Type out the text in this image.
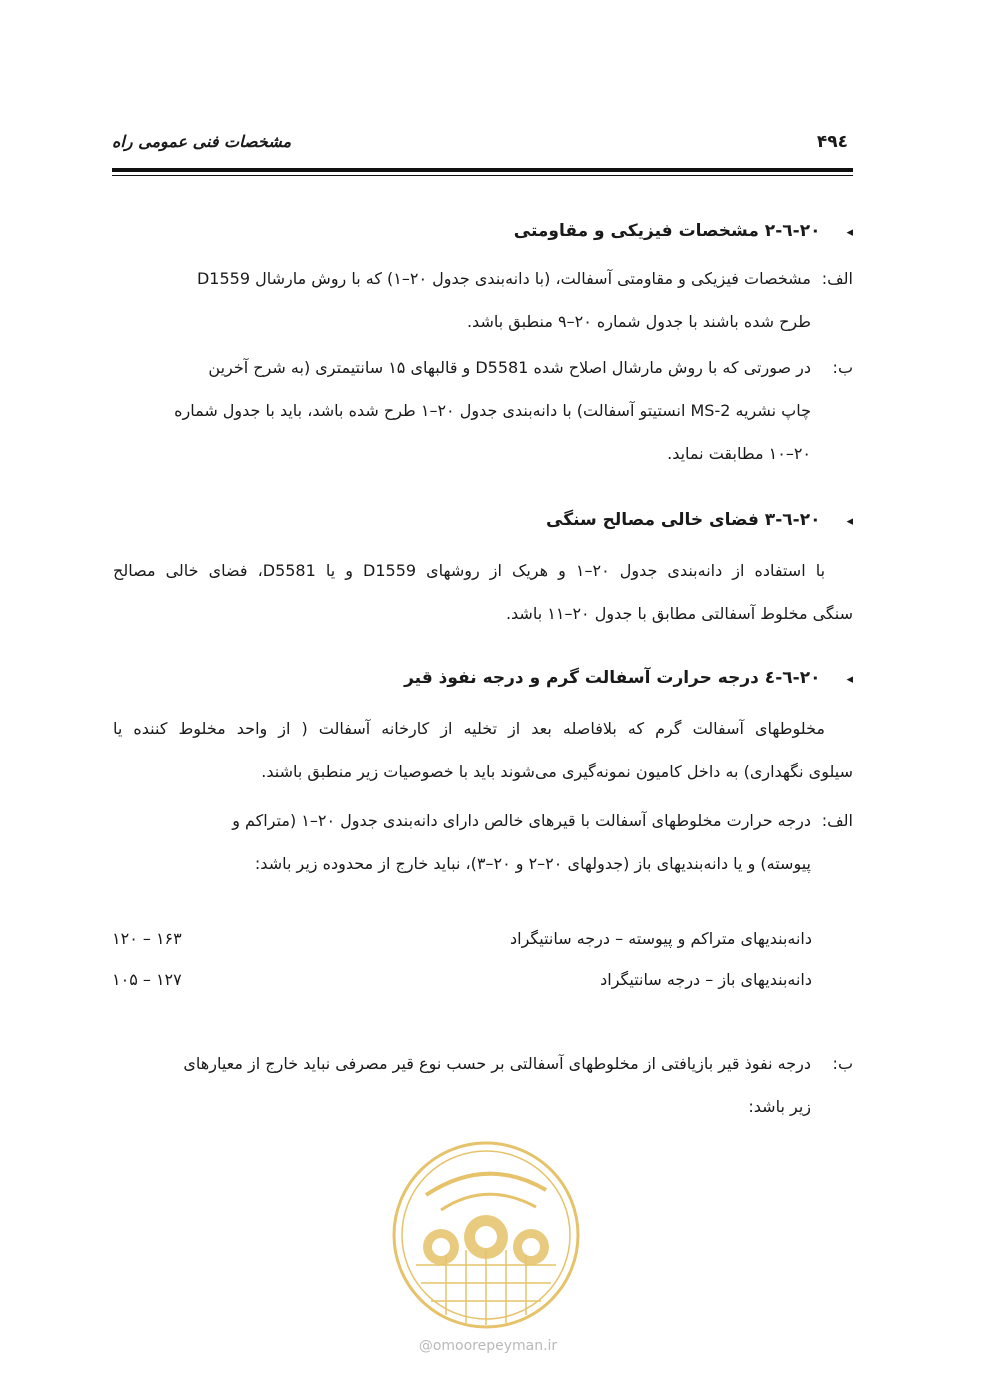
مشخصات فنی عمومی راه	۴۹٤
◂۲۰-٦-۲ مشخصات فیزیکی و مقاومتی
الف:
مشخصات فیزیکی و مقاومتی آسفالت، (با دانه‌بندی جدول ۲۰–۱) که با روش مارشال D1559
طرح شده باشند با جدول شماره ۲۰–۹ منطبق باشد.
ب:
در صورتی که با روش مارشال اصلاح شده D5581 و قالبهای ۱۵ سانتیمتری (به شرح آخرین
چاپ نشریه MS-2 انستیتو آسفالت) با دانه‌بندی جدول ۲۰–۱ طرح شده باشد، باید با جدول شماره
۲۰–۱۰ مطابقت نماید.
◂۲۰-٦-۳ فضای خالی مصالح سنگی
با استفاده از دانه‌بندی جدول ۲۰–۱ و هریک از روشهای D1559 و یا D5581، فضای خالی مصالح
سنگی مخلوط آسفالتی مطابق با جدول ۲۰–۱۱ باشد.
◂۲۰-٦-٤ درجه حرارت آسفالت گرم و درجه نفوذ قیر
مخلوطهای آسفالت گرم که بلافاصله بعد از تخلیه از کارخانه آسفالت ( از واحد مخلوط کننده یا
سیلوی نگهداری) به داخل کامیون نمونه‌گیری می‌شوند باید با خصوصیات زیر منطبق باشند.
الف:
درجه حرارت مخلوطهای آسفالت با قیرهای خالص دارای دانه‌بندی جدول ۲۰–۱ (متراکم و
پیوسته) و یا دانه‌بندیهای باز (جدولهای ۲۰–۲ و ۲۰–۳)، نباید خارج از محدوده زیر باشد:
دانه‌بندیهای متراکم و پیوسته – درجه سانتیگراد
۱۶۳ – ۱۲۰
دانه‌بندیهای باز – درجه سانتیگراد
۱۲۷ – ۱۰۵
ب:
درجه نفوذ قیر بازیافتی از مخلوطهای آسفالتی بر حسب نوع قیر مصرفی نباید خارج از معیارهای
زیر باشد:
@omoorepeyman.ir
